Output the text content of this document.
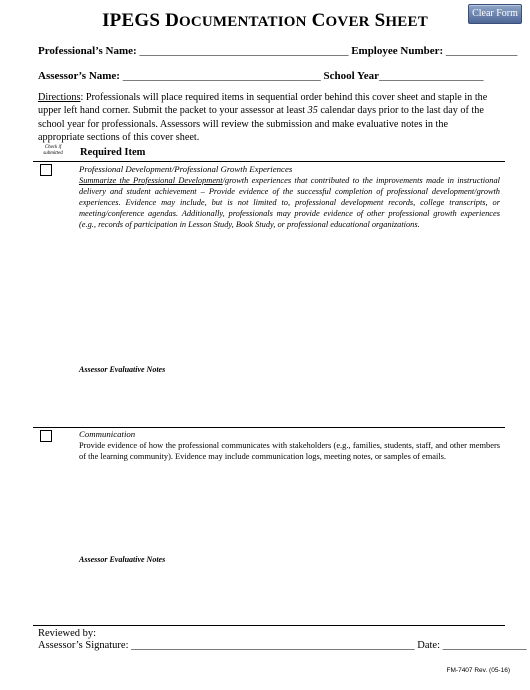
IPEGS DOCUMENTATION COVER SHEET
Clear Form
Professional’s Name: ______________________________________ Employee Number: _____________
Assessor’s Name: ____________________________________ School Year___________________
Directions: Professionals will place required items in sequential order behind this cover sheet and staple in the upper left hand corner. Submit the packet to your assessor at least 35 calendar days prior to the last day of the school year for professionals. Assessors will review the submission and make evaluative notes in the appropriate sections of this cover sheet.
Check if submitted	Required Item
Professional Development/Professional Growth Experiences
Summarize the Professional Development/growth experiences that contributed to the improvements made in instructional delivery and student achievement – Provide evidence of the successful completion of professional development/growth experiences. Evidence may include, but is not limited to, professional development records, college transcripts, or meeting/conference agendas. Additionally, professionals may provide evidence of other professional growth experiences (e.g., records of participation in Lesson Study, Book Study, or professional educational organizations.
Assessor Evaluative Notes
Communication
Provide evidence of how the professional communicates with stakeholders (e.g., families, students, staff, and other members of the learning community). Evidence may include communication logs, meeting notes, or samples of emails.
Assessor Evaluative Notes
Reviewed by:
Assessor’s Signature: ______________________________________________________ Date: ________________
FM-7407 Rev. (05-16)
